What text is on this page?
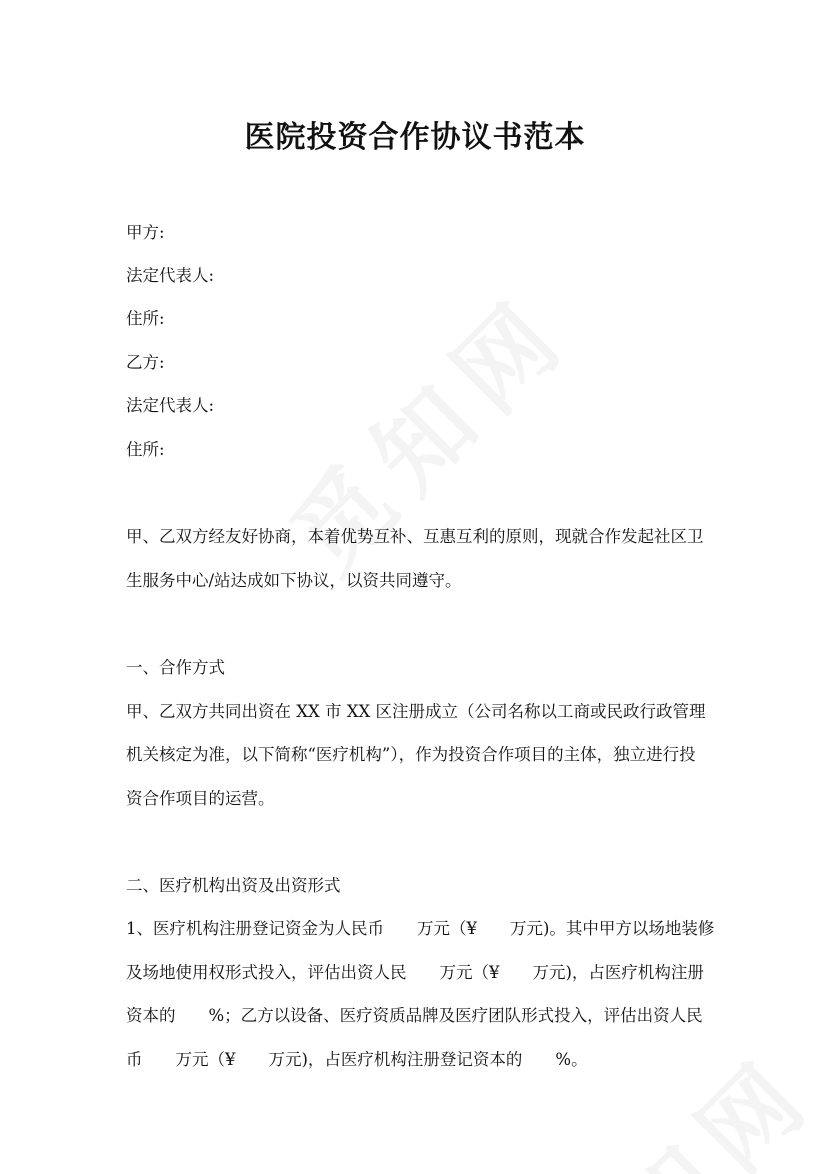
医院投资合作协议书范本
甲方:
法定代表人:
住所:
乙方:
法定代表人:
住所:
甲、乙双方经友好协商，本着优势互补、互惠互利的原则，现就合作发起社区卫
生服务中心/站达成如下协议，以资共同遵守。
一、合作方式
甲、乙双方共同出资在 XX 市 XX 区注册成立（公司名称以工商或民政行政管理
机关核定为准，以下简称“医疗机构”），作为投资合作项目的主体，独立进行投
资合作项目的运营。
二、医疗机构出资及出资形式
1、医疗机构注册登记资金为人民币　　万元（¥　　万元)。其中甲方以场地装修
及场地使用权形式投入，评估出资人民　　万元（¥　　万元)，占医疗机构注册
资本的　　%；乙方以设备、医疗资质品牌及医疗团队形式投入，评估出资人民
币　　万元（¥　　万元)，占医疗机构注册登记资本的　　%。
